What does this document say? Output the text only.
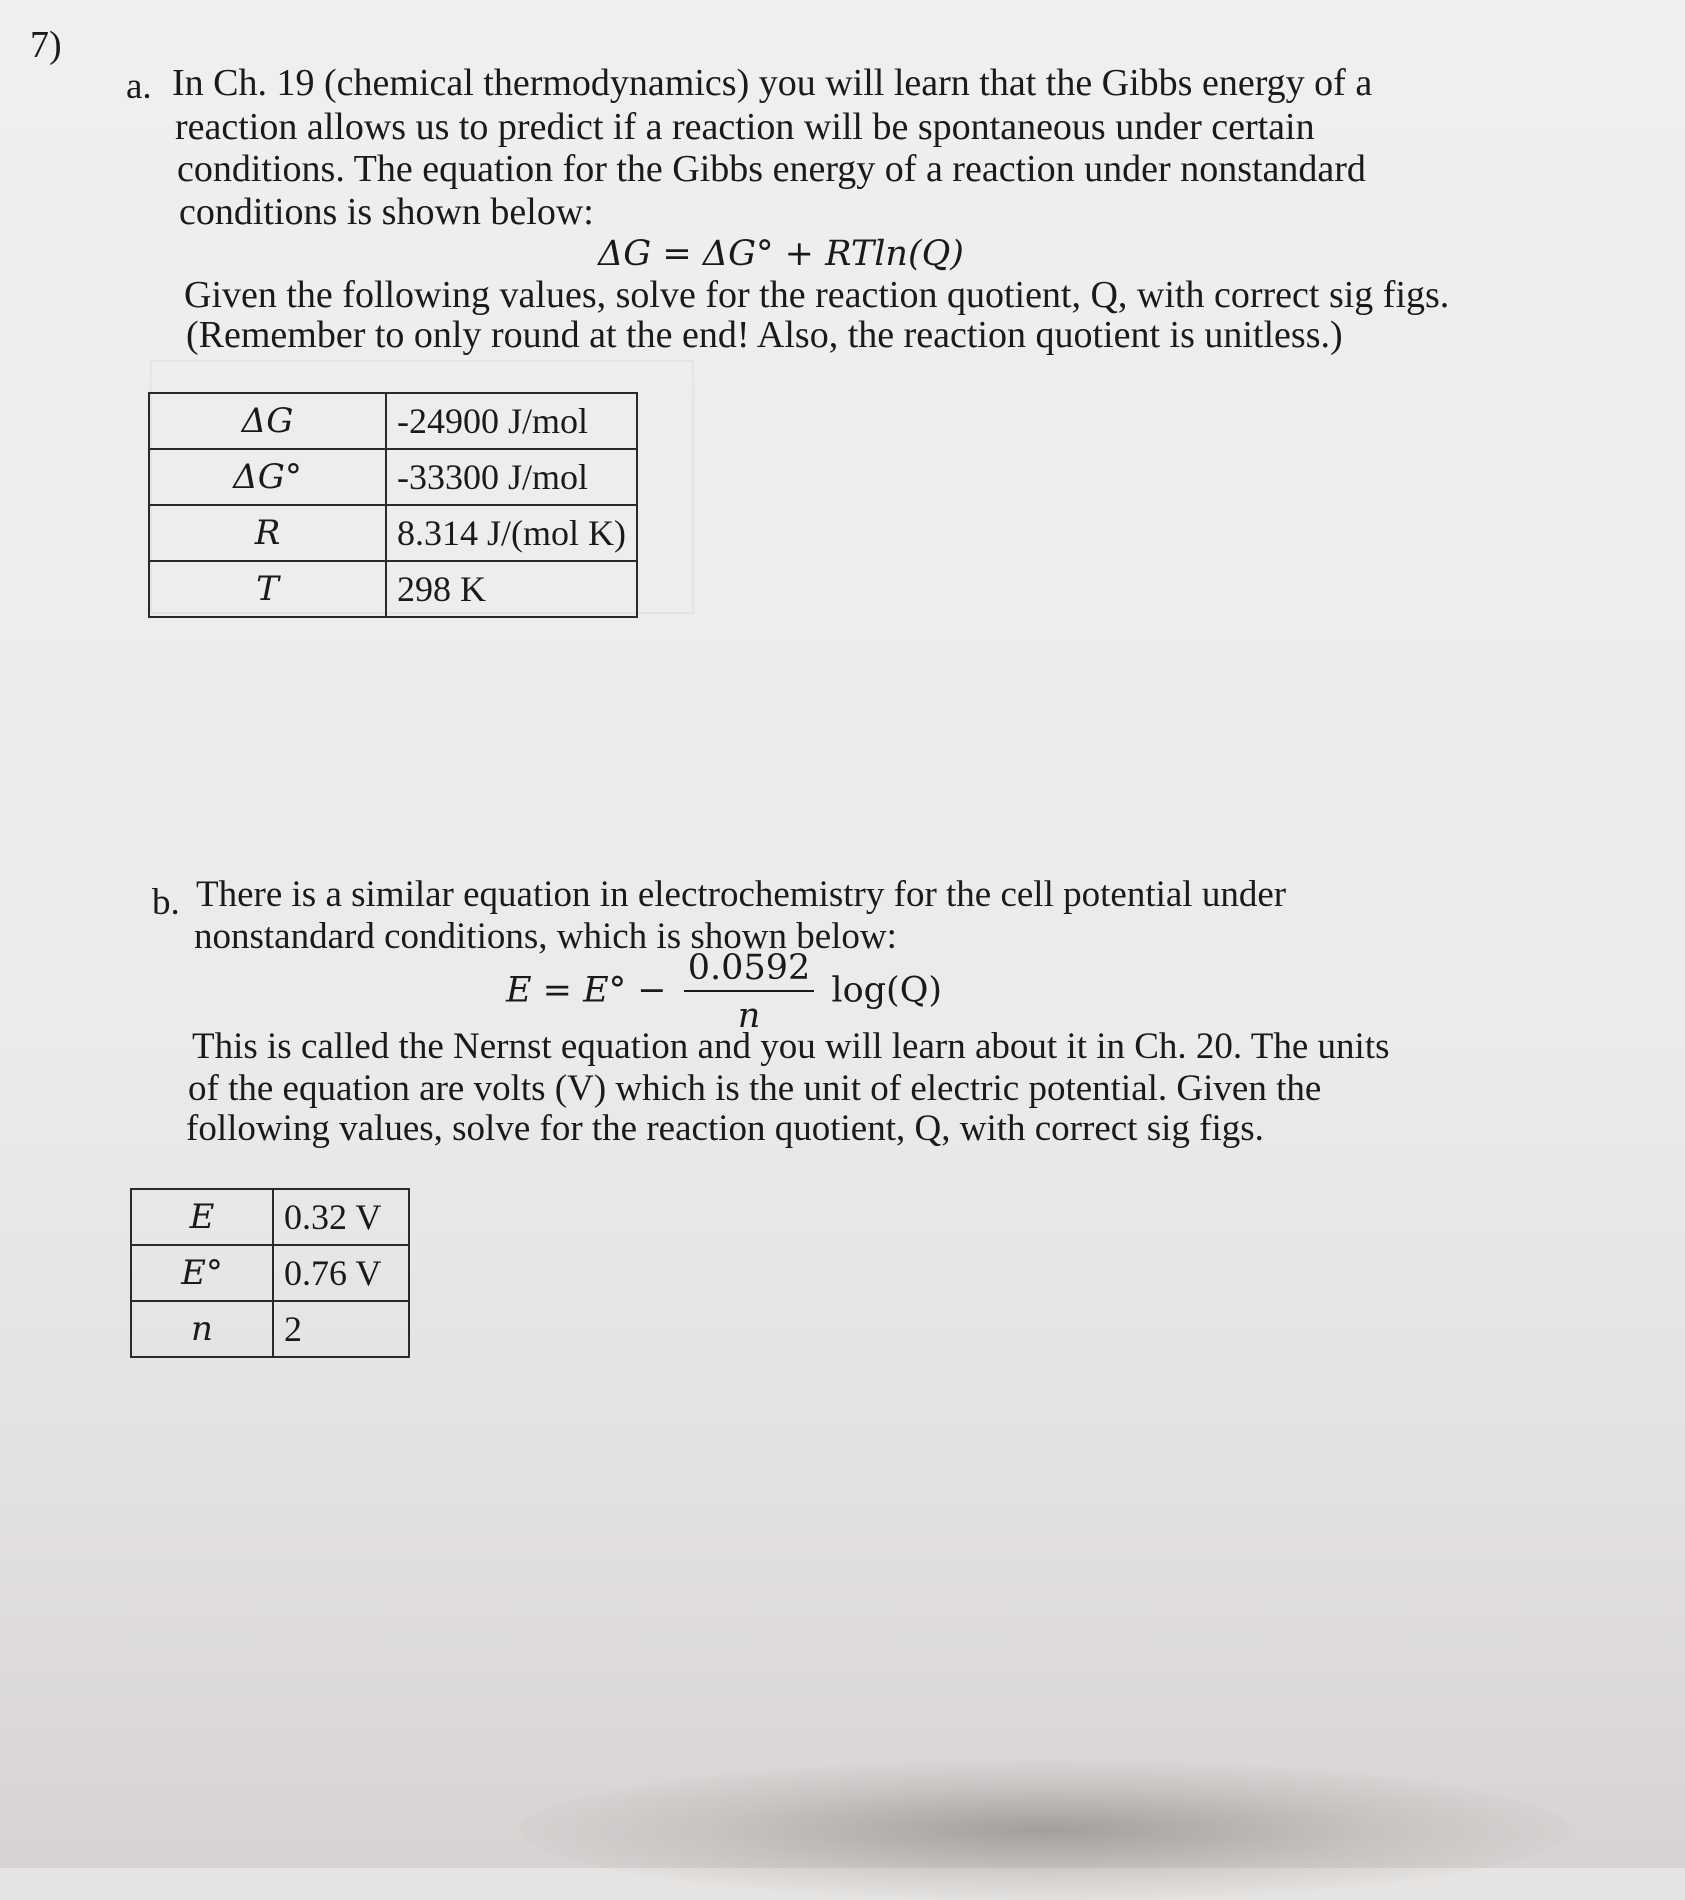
7)
a. In Ch. 19 (chemical thermodynamics) you will learn that the Gibbs energy of a
reaction allows us to predict if a reaction will be spontaneous under certain
conditions. The equation for the Gibbs energy of a reaction under nonstandard
conditions is shown below:
ΔG = ΔG° + RTln(Q)
Given the following values, solve for the reaction quotient, Q, with correct sig figs.
(Remember to only round at the end! Also, the reaction quotient is unitless.)
ΔG	-24900 J/mol
ΔG°	-33300 J/mol
R	8.314 J/(mol K)
T	298 K
b. There is a similar equation in electrochemistry for the cell potential under
nonstandard conditions, which is shown below:
$E = E^\circ - \frac{0.0592}{n} \log(Q)$
This is called the Nernst equation and you will learn about it in Ch. 20. The units
of the equation are volts (V) which is the unit of electric potential. Given the
following values, solve for the reaction quotient, Q, with correct sig figs.
E	0.32 V
E°	0.76 V
n	2
